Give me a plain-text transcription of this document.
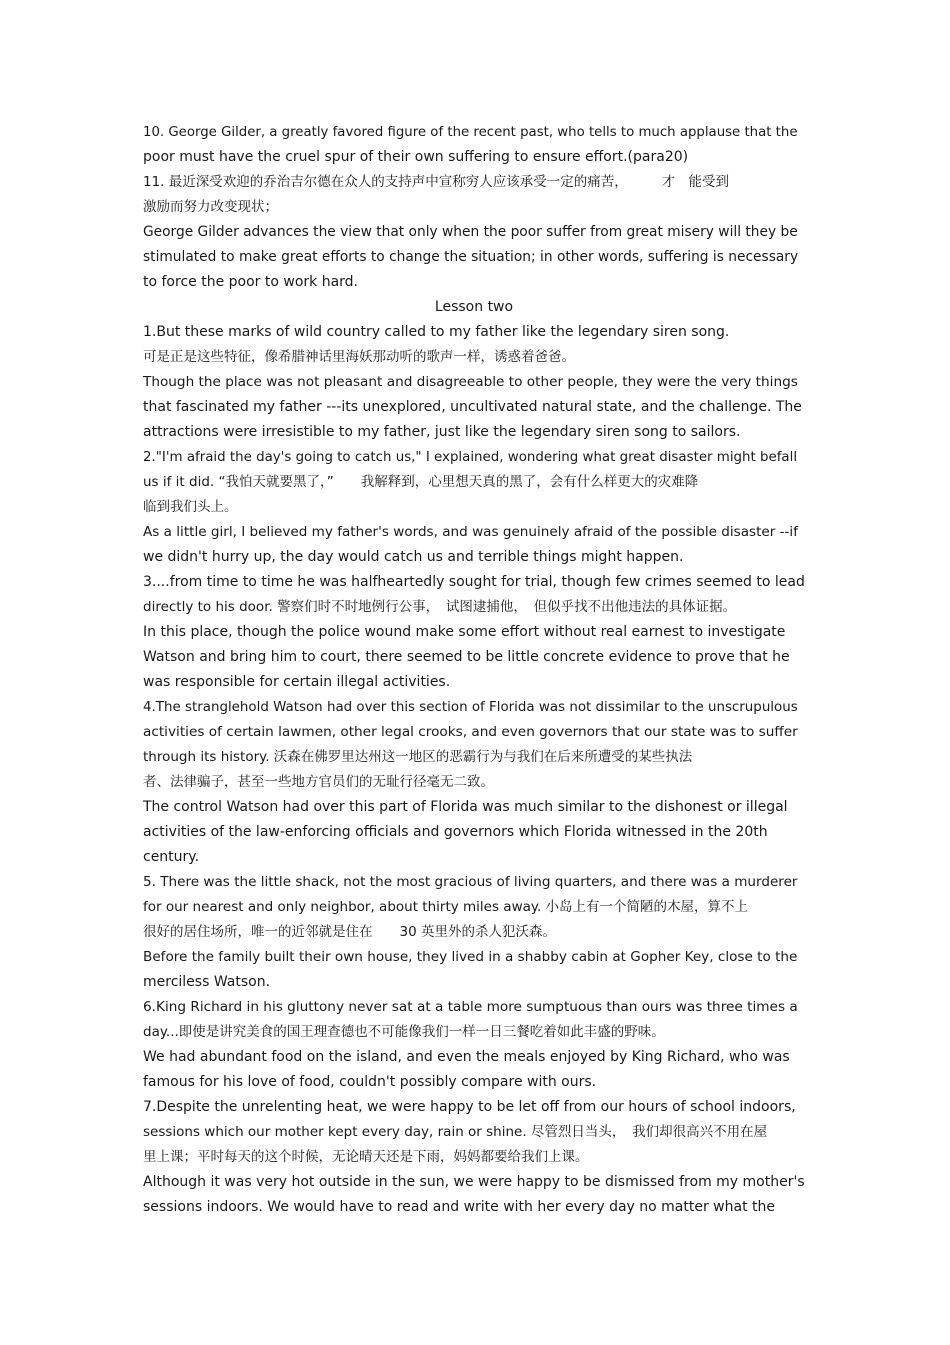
10. George Gilder, a greatly favored figure of the recent past, who tells to much applause that the
poor must have the cruel spur of their own suffering to ensure effort.(para20)
11. 最近深受欢迎的乔治吉尔德在众人的支持声中宣称穷人应该承受一定的痛苦，　　　才　能受到
激励而努力改变现状；
George Gilder advances the view that only when the poor suffer from great misery will they be
stimulated to make great efforts to change the situation; in other words, suffering is necessary
to force the poor to work hard.
Lesson two
1.But these marks of wild country called to my father like the legendary siren song.
可是正是这些特征，像希腊神话里海妖那动听的歌声一样，诱惑着爸爸。
Though the place was not pleasant and disagreeable to other people, they were the very things
that fascinated my father ---its unexplored, uncultivated natural state, and the challenge. The
attractions were irresistible to my father, just like the legendary siren song to sailors.
2."I'm afraid the day's going to catch us," I explained, wondering what great disaster might befall
us if it did. “我怕天就要黑了，”　　我解释到，心里想天真的黑了，会有什么样更大的灾难降
临到我们头上。
As a little girl, I believed my father's words, and was genuinely afraid of the possible disaster --if
we didn't hurry up, the day would catch us and terrible things might happen.
3....from time to time he was halfheartedly sought for trial, though few crimes seemed to lead
directly to his door. 警察们时不时地例行公事，　试图逮捕他，　但似乎找不出他违法的具体证据。
In this place, though the police wound make some effort without real earnest to investigate
Watson and bring him to court, there seemed to be little concrete evidence to prove that he
was responsible for certain illegal activities.
4.The stranglehold Watson had over this section of Florida was not dissimilar to the unscrupulous
activities of certain lawmen, other legal crooks, and even governors that our state was to suffer
through its history. 沃森在佛罗里达州这一地区的恶霸行为与我们在后来所遭受的某些执法
者、法律骗子，甚至一些地方官员们的无耻行径毫无二致。
The control Watson had over this part of Florida was much similar to the dishonest or illegal
activities of the law-enforcing officials and governors which Florida witnessed in the 20th
century.
5. There was the little shack, not the most gracious of living quarters, and there was a murderer
for our nearest and only neighbor, about thirty miles away. 小岛上有一个简陋的木屋，算不上
很好的居住场所，唯一的近邻就是住在　　30 英里外的杀人犯沃森。
Before the family built their own house, they lived in a shabby cabin at Gopher Key, close to the
merciless Watson.
6.King Richard in his gluttony never sat at a table more sumptuous than ours was three times a
day...即使是讲究美食的国王理查德也不可能像我们一样一日三餐吃着如此丰盛的野味。
We had abundant food on the island, and even the meals enjoyed by King Richard, who was
famous for his love of food, couldn't possibly compare with ours.
7.Despite the unrelenting heat, we were happy to be let off from our hours of school indoors,
sessions which our mother kept every day, rain or shine. 尽管烈日当头，　我们却很高兴不用在屋
里上课；平时每天的这个时候，无论晴天还是下雨，妈妈都要给我们上课。
Although it was very hot outside in the sun, we were happy to be dismissed from my mother's
sessions indoors. We would have to read and write with her every day no matter what the
